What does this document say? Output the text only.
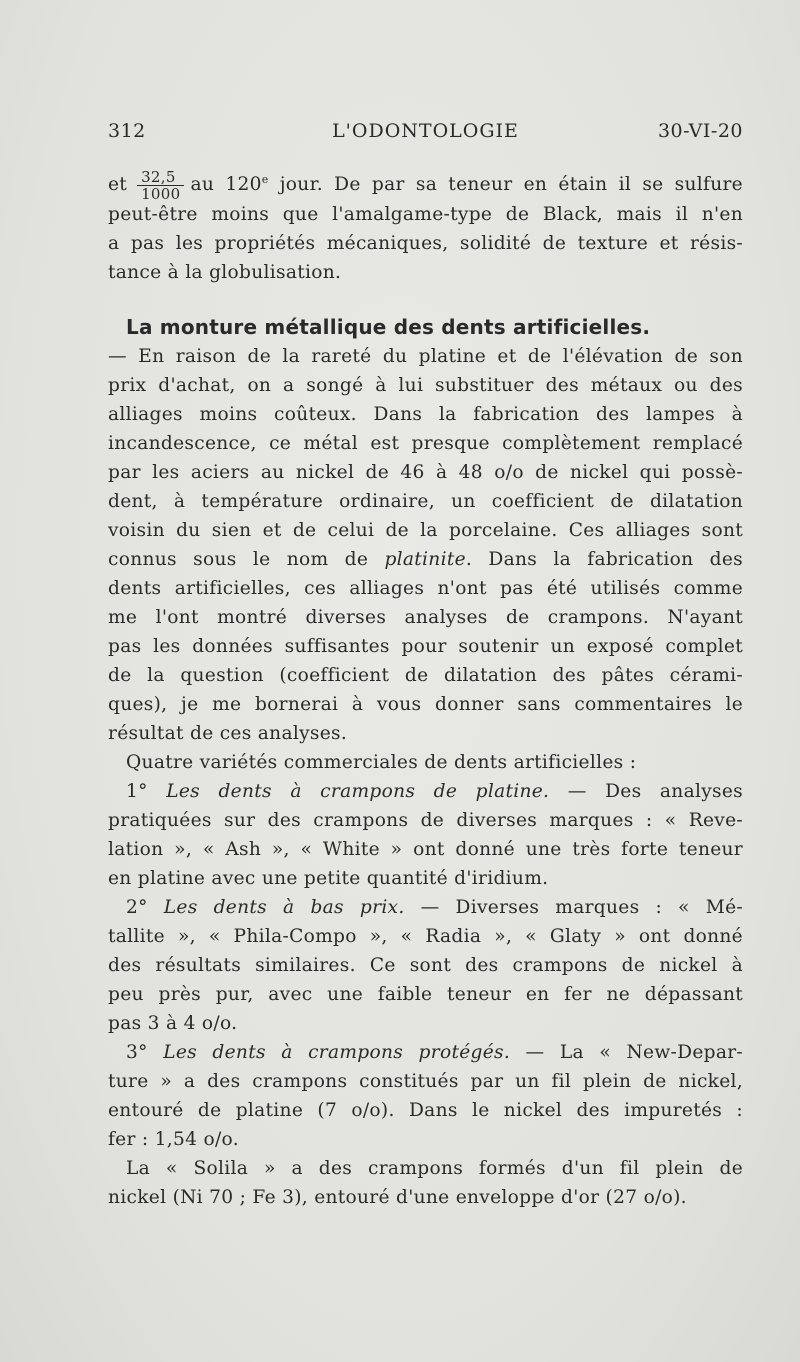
312	L'ODONTOLOGIE	30-VI-20
et $\frac{32,5}{1000}$ au 120e jour. De par sa teneur en étain il se sulfure
peut-être moins que l'amalgame-type de Black, mais il n'en
a pas les propriétés mécaniques, solidité de texture et résis-
tance à la globulisation.
La monture métallique des dents artificielles.
— En raison de la rareté du platine et de l'élévation de son
prix d'achat, on a songé à lui substituer des métaux ou des
alliages moins coûteux. Dans la fabrication des lampes à
incandescence, ce métal est presque complètement remplacé
par les aciers au nickel de 46 à 48 o/o de nickel qui possè-
dent, à température ordinaire, un coefficient de dilatation
voisin du sien et de celui de la porcelaine. Ces alliages sont
connus sous le nom de platinite. Dans la fabrication des
dents artificielles, ces alliages n'ont pas été utilisés comme
me l'ont montré diverses analyses de crampons. N'ayant
pas les données suffisantes pour soutenir un exposé complet
de la question (coefficient de dilatation des pâtes cérami-
ques), je me bornerai à vous donner sans commentaires le
résultat de ces analyses.
Quatre variétés commerciales de dents artificielles :
1° Les dents à crampons de platine. — Des analyses
pratiquées sur des crampons de diverses marques : « Reve-
lation », « Ash », « White » ont donné une très forte teneur
en platine avec une petite quantité d'iridium.
2° Les dents à bas prix. — Diverses marques : « Mé-
tallite », « Phila-Compo », « Radia », « Glaty » ont donné
des résultats similaires. Ce sont des crampons de nickel à
peu près pur, avec une faible teneur en fer ne dépassant
pas 3 à 4 o/o.
3° Les dents à crampons protégés. — La « New-Depar-
ture » a des crampons constitués par un fil plein de nickel,
entouré de platine (7 o/o). Dans le nickel des impuretés :
fer : 1,54 o/o.
La « Solila » a des crampons formés d'un fil plein de
nickel (Ni 70 ; Fe 3), entouré d'une enveloppe d'or (27 o/o).
